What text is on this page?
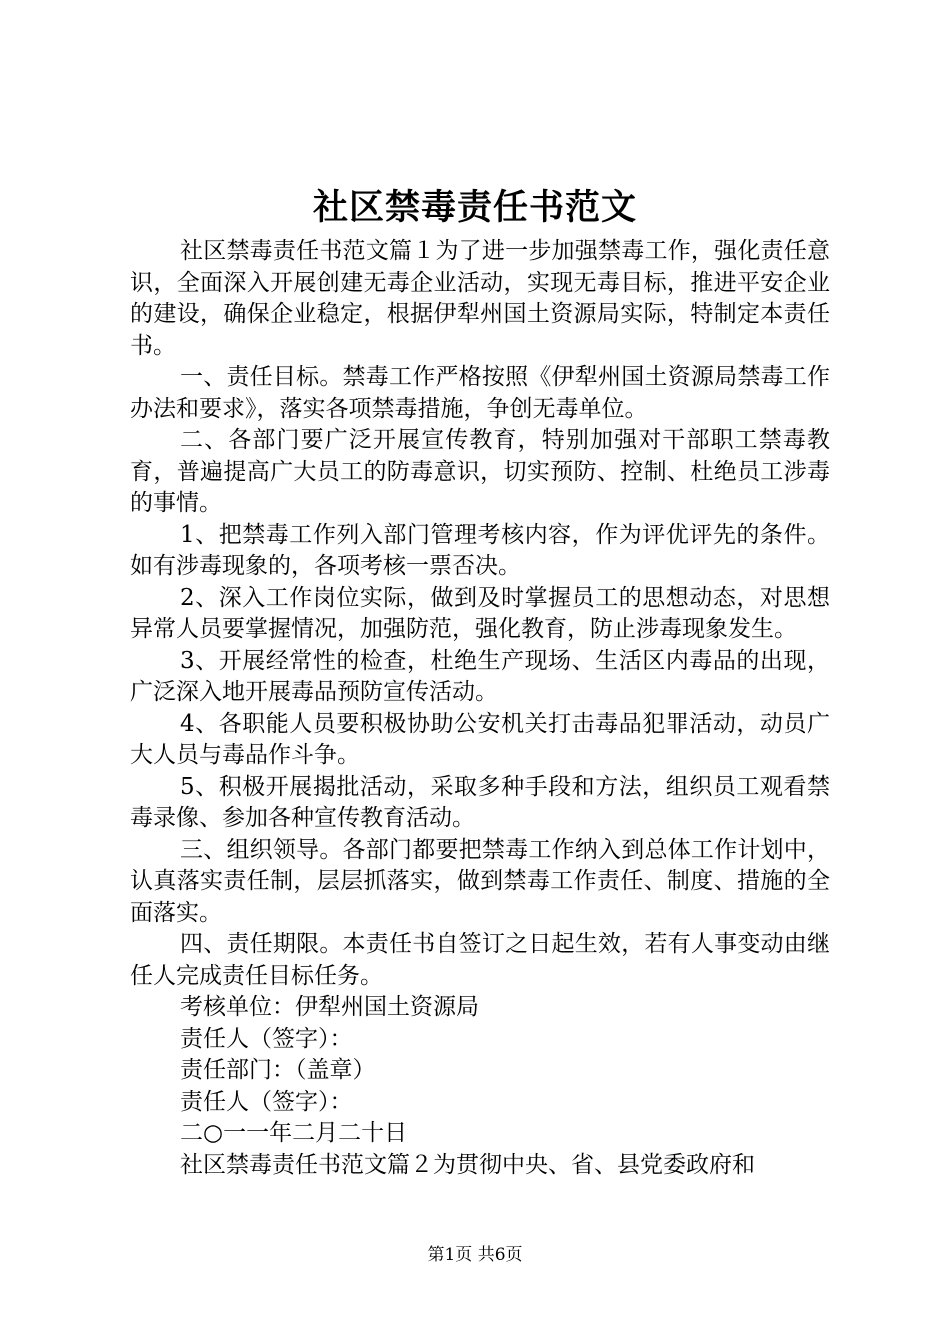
社区禁毒责任书范文

社区禁毒责任书范文篇１为了进一步加强禁毒工作，强化责任意识，全面深入开展创建无毒企业活动，实现无毒目标，推进平安企业的建设，确保企业稳定，根据伊犁州国土资源局实际，特制定本责任书。

一、责任目标。禁毒工作严格按照《伊犁州国土资源局禁毒工作办法和要求》，落实各项禁毒措施，争创无毒单位。

二、各部门要广泛开展宣传教育，特别加强对干部职工禁毒教育，普遍提高广大员工的防毒意识，切实预防、控制、杜绝员工涉毒的事情。

1、把禁毒工作列入部门管理考核内容，作为评优评先的条件。如有涉毒现象的，各项考核一票否决。

2、深入工作岗位实际，做到及时掌握员工的思想动态，对思想异常人员要掌握情况，加强防范，强化教育，防止涉毒现象发生。

3、开展经常性的检查，杜绝生产现场、生活区内毒品的出现，广泛深入地开展毒品预防宣传活动。

4、各职能人员要积极协助公安机关打击毒品犯罪活动，动员广大人员与毒品作斗争。

5、积极开展揭批活动，采取多种手段和方法，组织员工观看禁毒录像、参加各种宣传教育活动。

三、组织领导。各部门都要把禁毒工作纳入到总体工作计划中，认真落实责任制，层层抓落实，做到禁毒工作责任、制度、措施的全面落实。

四、责任期限。本责任书自签订之日起生效，若有人事变动由继任人完成责任目标任务。

考核单位：伊犁州国土资源局

责任人（签字）：

责任部门：（盖章）

责任人（签字）：

二○一一年二月二十日

社区禁毒责任书范文篇２为贯彻中央、省、县党委政府和

第1页 共6页
